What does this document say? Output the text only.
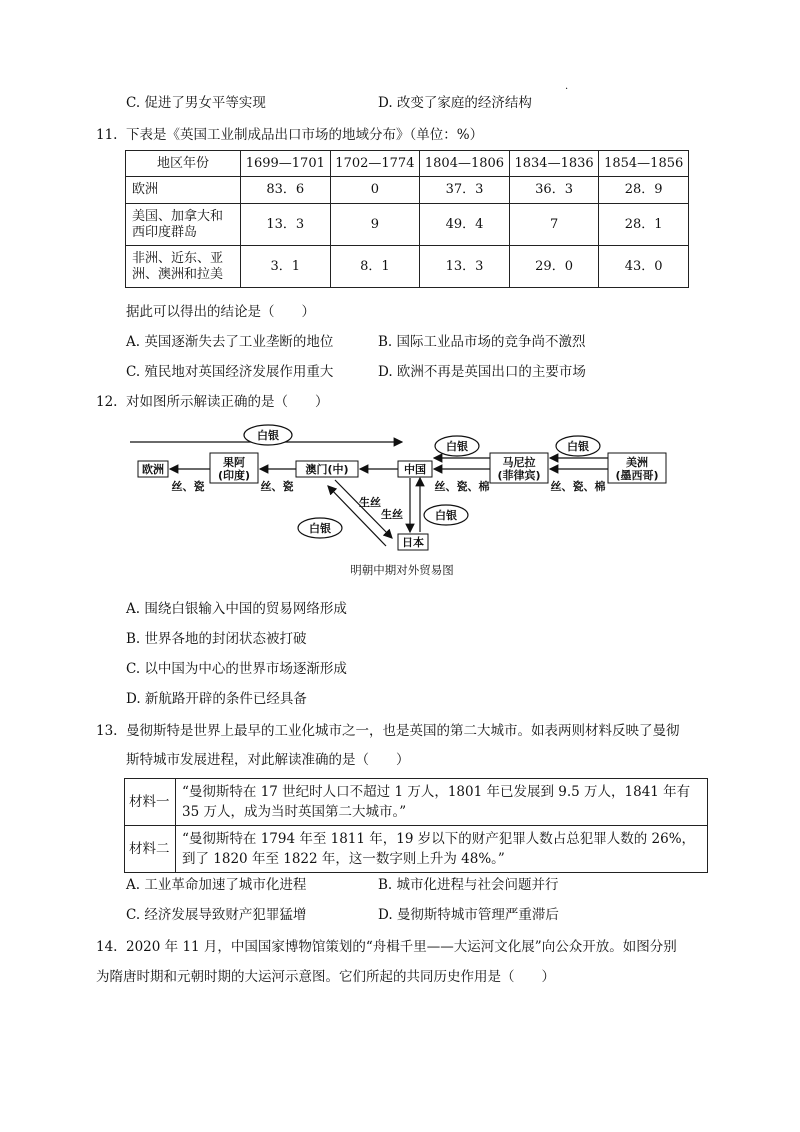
.
C. 促进了男女平等实现	D. 改变了家庭的经济结构
11. 下表是《英国工业制成品出口市场的地域分布》（单位：%）
地区年份	1699—1701	1702—1774	1804—1806	1834—1836	1854—1856
欧洲	83．6	0	37．3	36．3	28．9

美国、加拿大和
西印度群岛	13．3	9	49．4	7	28．1

非洲、近东、亚
洲、澳洲和拉美	3．1	8．1	13．3	29．0	43．0
据此可以得出的结论是（　　）
A. 英国逐渐失去了工业垄断的地位	B. 国际工业品市场的竞争尚不激烈
C. 殖民地对英国经济发展作用重大	D. 欧洲不再是英国出口的主要市场
12. 对如图所示解读正确的是（　　）
白银
欧洲
果阿
(印度)	澳门(中)	中国
马尼拉
(菲律宾)
美洲
(墨西哥)
日本
白银	白银
丝、瓷	丝、瓷	丝、瓷、棉	丝、瓷、棉
生丝	白银
生丝
白银
明朝中期对外贸易图
A. 围绕白银输入中国的贸易网络形成
B. 世界各地的封闭状态被打破
C. 以中国为中心的世界市场逐渐形成
D. 新航路开辟的条件已经具备
13. 曼彻斯特是世界上最早的工业化城市之一，也是英国的第二大城市。如表两则材料反映了曼彻
斯特城市发展进程，对此解读准确的是（　　）
材料一	“曼彻斯特在 17 世纪时人口不超过 1 万人，1801 年已发展到 9.5 万人，1841 年有 35 万人，成为当时英国第二大城市。”
材料二	“曼彻斯特在 1794 年至 1811 年，19 岁以下的财产犯罪人数占总犯罪人数的 26%，到了 1820 年至 1822 年，这一数字则上升为 48%。”
A. 工业革命加速了城市化进程	B. 城市化进程与社会问题并行
C. 经济发展导致财产犯罪猛增	D. 曼彻斯特城市管理严重滞后
14. 2020 年 11 月，中国国家博物馆策划的“舟楫千里——大运河文化展”向公众开放。如图分别
为隋唐时期和元朝时期的大运河示意图。它们所起的共同历史作用是（　　）
